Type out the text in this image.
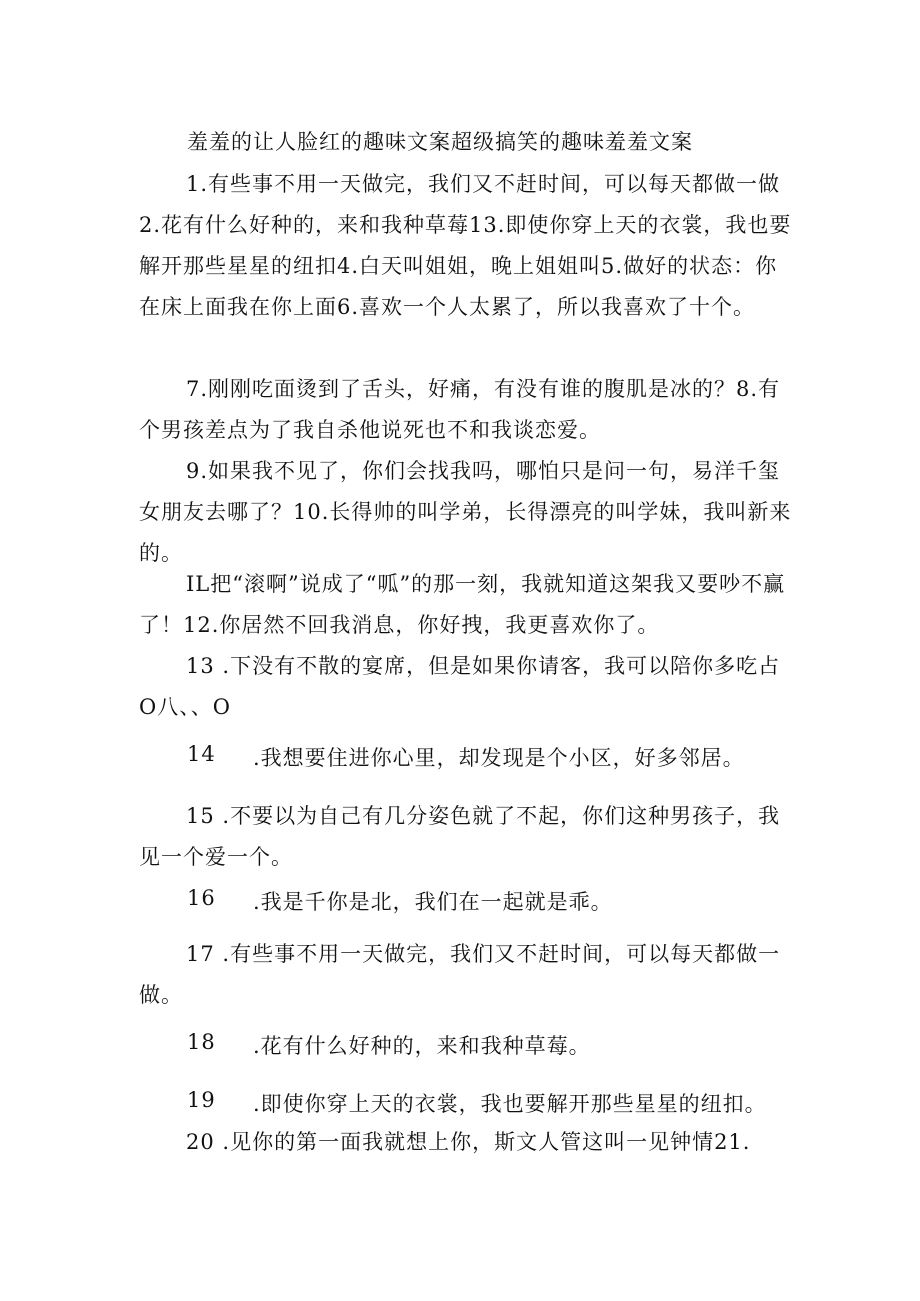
羞羞的让人脸红的趣味文案超级搞笑的趣味羞羞文案

1.有些事不用一天做完，我们又不赶时间，可以每天都做一做2.花有什么好种的，来和我种草莓13.即使你穿上天的衣裳，我也要解开那些星星的纽扣4.白天叫姐姐，晚上姐姐叫5.做好的状态：你在床上面我在你上面6.喜欢一个人太累了，所以我喜欢了十个。

7.刚刚吃面烫到了舌头，好痛，有没有谁的腹肌是冰的？8.有个男孩差点为了我自杀他说死也不和我谈恋爱。

9.如果我不见了，你们会找我吗，哪怕只是问一句，易洋千玺女朋友去哪了？10.长得帅的叫学弟，长得漂亮的叫学妹，我叫新来的。

IL把“滚啊”说成了“呱”的那一刻，我就知道这架我又要吵不赢了！12.你居然不回我消息，你好拽，我更喜欢你了。

13 .下没有不散的宴席，但是如果你请客，我可以陪你多吃占O八、、O

14 .我想要住进你心里，却发现是个小区，好多邻居。

15 .不要以为自己有几分姿色就了不起，你们这种男孩子，我见一个爱一个。

16 .我是千你是北，我们在一起就是乖。

17 .有些事不用一天做完，我们又不赶时间，可以每天都做一做。

18 .花有什么好种的，来和我种草莓。
19 .即使你穿上天的衣裳，我也要解开那些星星的纽扣。

20 .见你的第一面我就想上你，斯文人管这叫一见钟情21.
